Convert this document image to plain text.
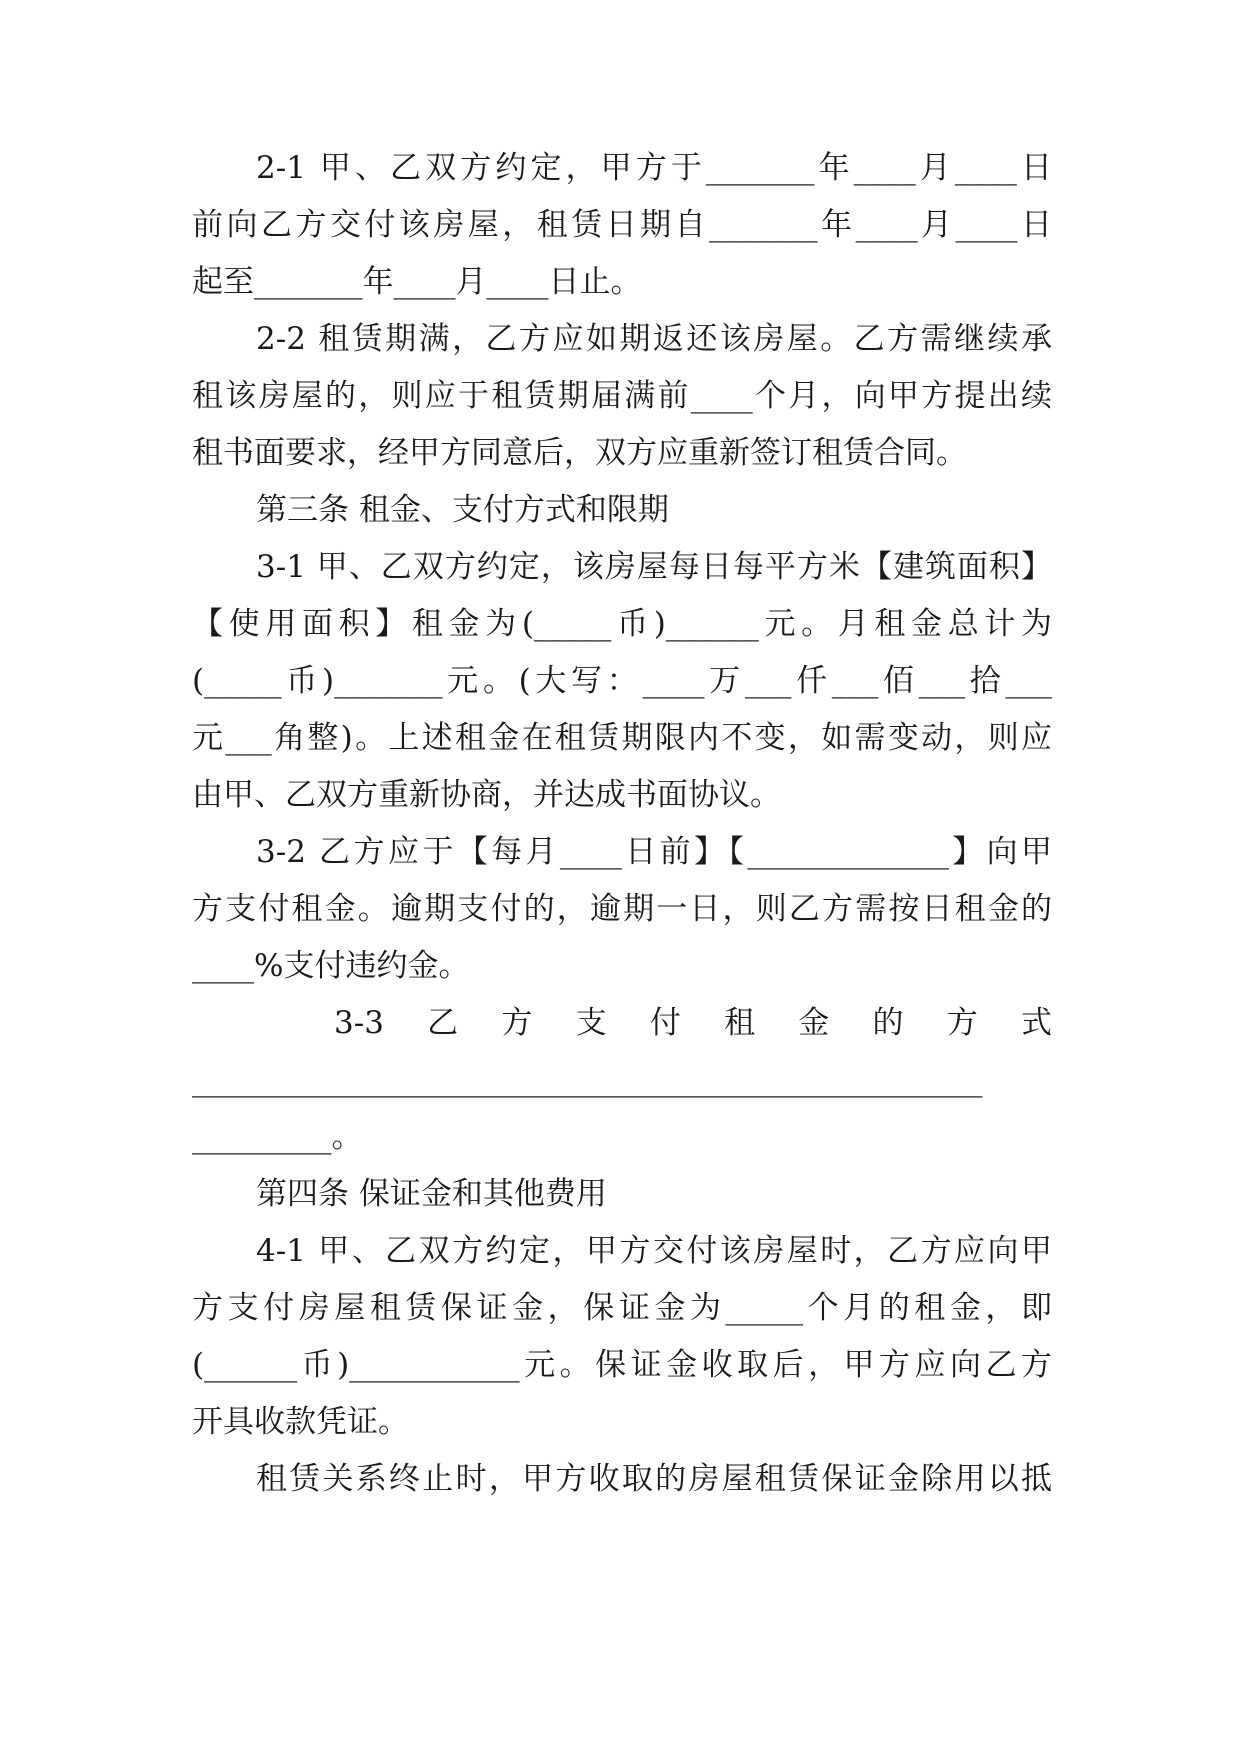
2-1 甲、乙双方约定，甲方于_______年____月____日
前向乙方交付该房屋，租赁日期自_______年____月____日
起至_______年____月____日止。
2-2 租赁期满，乙方应如期返还该房屋。乙方需继续承
租该房屋的，则应于租赁期届满前____个月，向甲方提出续
租书面要求，经甲方同意后，双方应重新签订租赁合同。
第三条 租金、支付方式和限期
3-1 甲、乙双方约定，该房屋每日每平方米【建筑面积】
【使用面积】租金为(_____币)______元。月租金总计为
(_____币)_______元。(大写：____万___仟___佰___拾___
元___角整)。上述租金在租赁期限内不变，如需变动，则应
由甲、乙双方重新协商，并达成书面协议。
3-2 乙方应于【每月____日前】【_____________】向甲
方支付租金。逾期支付的，逾期一日，则乙方需按日租金的
____%支付违约金。
3-3　乙　方　支　付　租　金　的　方　式
___________________________________________________
_________。
第四条 保证金和其他费用
4-1 甲、乙双方约定，甲方交付该房屋时，乙方应向甲
方支付房屋租赁保证金，保证金为_____个月的租金，即
(______币)___________元。保证金收取后，甲方应向乙方
开具收款凭证。
租赁关系终止时，甲方收取的房屋租赁保证金除用以抵
